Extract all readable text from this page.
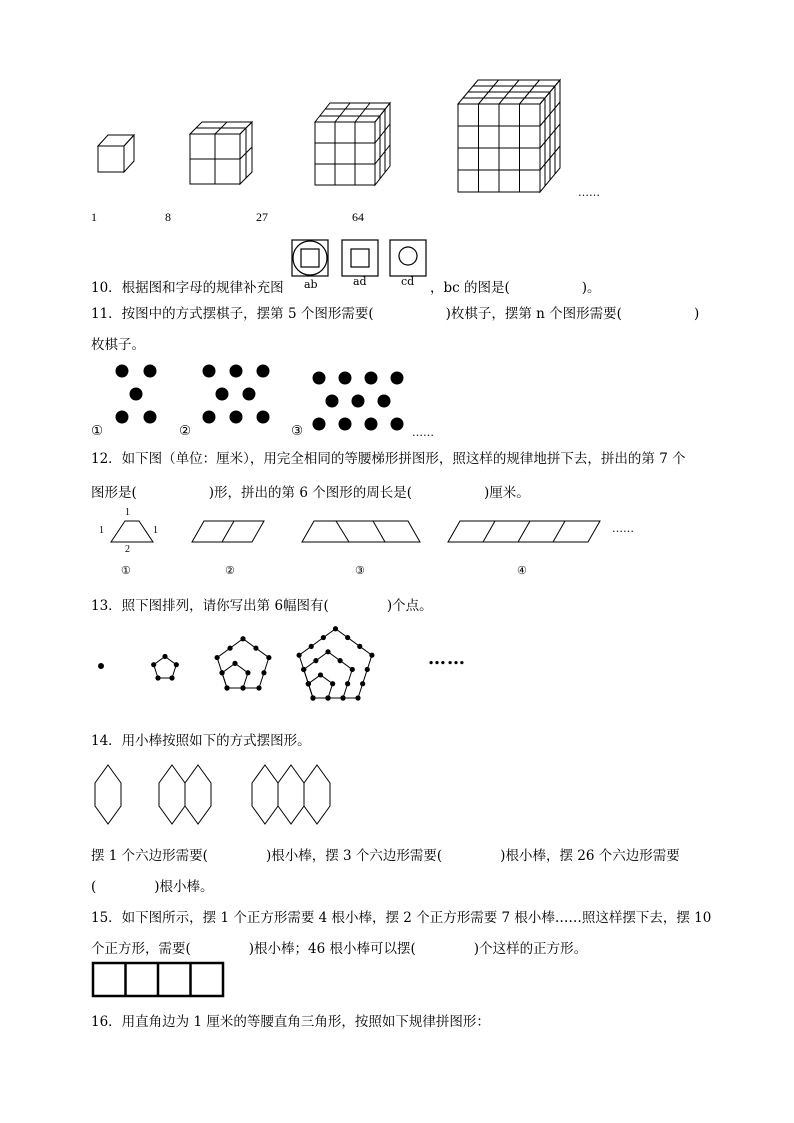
……
1	8	27	64
ab	ad	cd
10．根据图和字母的规律补充图	，bc 的图是(	)。
11．按图中的方式摆棋子，摆第 5 个图形需要(	)枚棋子，摆第 n 个图形需要(	)
枚棋子。
①	②	③	……
12．如下图（单位：厘米），用完全相同的等腰梯形拼图形，照这样的规律地拼下去，拼出的第 7 个
图形是(	)形，拼出的第 6 个图形的周长是(	)厘米。
1
1	1
2
……
①	②	③	④
13．照下图排列，请你写出第 6幅图有(	)个点。
……
14．用小棒按照如下的方式摆图形。
摆 1 个六边形需要(	)根小棒，摆 3 个六边形需要(	)根小棒，摆 26 个六边形需要
(	)根小棒。
15．如下图所示，摆 1 个正方形需要 4 根小棒，摆 2 个正方形需要 7 根小棒……照这样摆下去，摆 10
个正方形，需要(	)根小棒；46 根小棒可以摆(	)个这样的正方形。
16．用直角边为 1 厘米的等腰直角三角形，按照如下规律拼图形：
